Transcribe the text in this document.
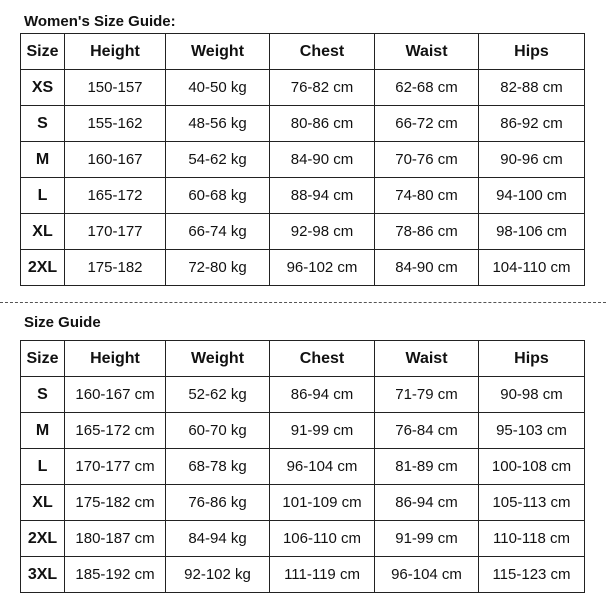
Women's Size Guide:
Size	Height	Weight	Chest	Waist	Hips
XS	150-157	40-50 kg	76-82 cm	62-68 cm	82-88 cm
S	155-162	48-56 kg	80-86 cm	66-72 cm	86-92 cm
M	160-167	54-62 kg	84-90 cm	70-76 cm	90-96 cm
L	165-172	60-68 kg	88-94 cm	74-80 cm	94-100 cm
XL	170-177	66-74 kg	92-98 cm	78-86 cm	98-106 cm
2XL	175-182	72-80 kg	96-102 cm	84-90 cm	104-110 cm
Size Guide
Size	Height	Weight	Chest	Waist	Hips
S	160-167 cm	52-62 kg	86-94 cm	71-79 cm	90-98 cm
M	165-172 cm	60-70 kg	91-99 cm	76-84 cm	95-103 cm
L	170-177 cm	68-78 kg	96-104 cm	81-89 cm	100-108 cm
XL	175-182 cm	76-86 kg	101-109 cm	86-94 cm	105-113 cm
2XL	180-187 cm	84-94 kg	106-110 cm	91-99 cm	110-118 cm
3XL	185-192 cm	92-102 kg	111-119 cm	96-104 cm	115-123 cm
